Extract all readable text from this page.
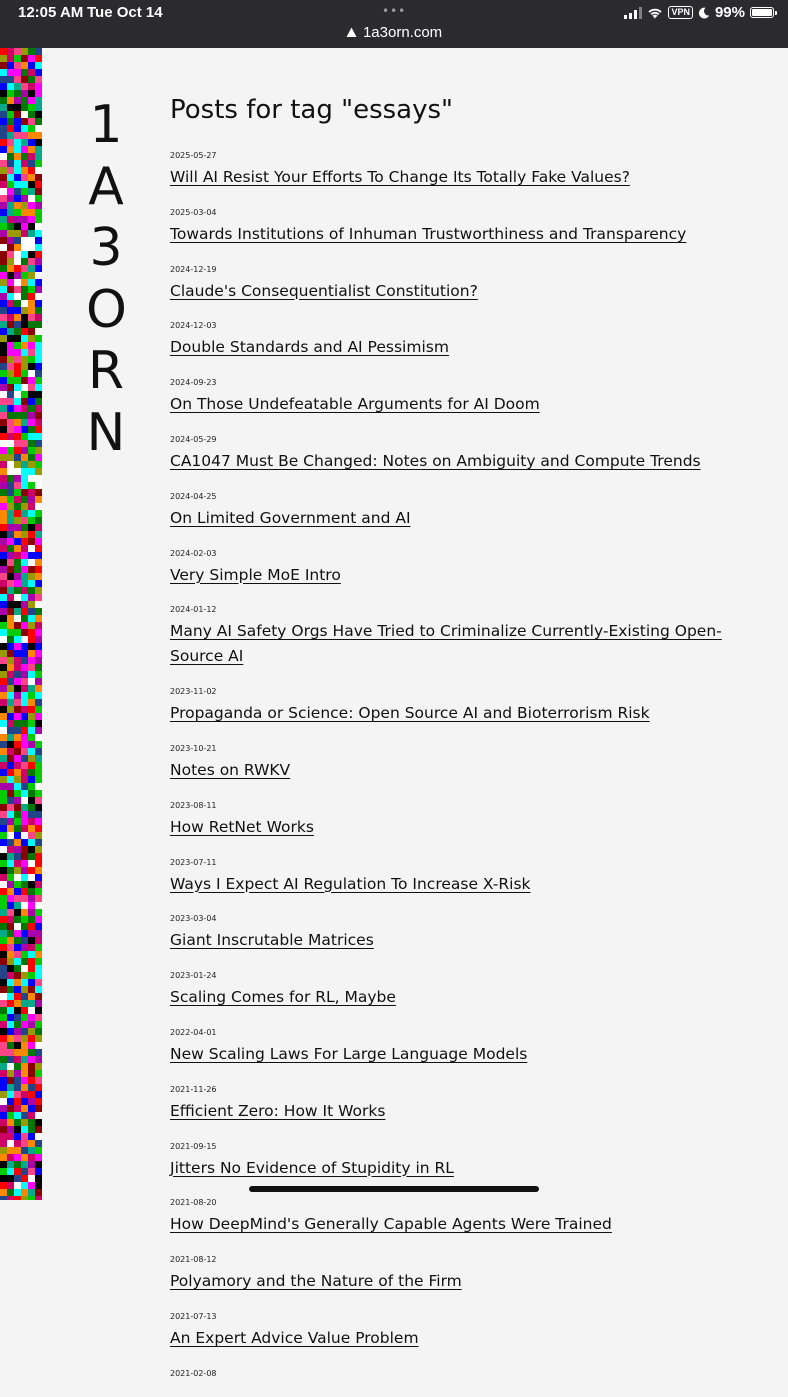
12:05 AM Tue Oct 14	•••
1a3orn.com
VPN 99%
1
A
3
O
R
N
Posts for tag "essays"
2025-05-27
Will AI Resist Your Efforts To Change Its Totally Fake Values?
2025-03-04
Towards Institutions of Inhuman Trustworthiness and Transparency
2024-12-19
Claude's Consequentialist Constitution?
2024-12-03
Double Standards and AI Pessimism
2024-09-23
On Those Undefeatable Arguments for AI Doom
2024-05-29
CA1047 Must Be Changed: Notes on Ambiguity and Compute Trends
2024-04-25
On Limited Government and AI
2024-02-03
Very Simple MoE Intro
2024-01-12
Many AI Safety Orgs Have Tried to Criminalize Currently-Existing Open-Source AI
2023-11-02
Propaganda or Science: Open Source AI and Bioterrorism Risk
2023-10-21
Notes on RWKV
2023-08-11
How RetNet Works
2023-07-11
Ways I Expect AI Regulation To Increase X-Risk
2023-03-04
Giant Inscrutable Matrices
2023-01-24
Scaling Comes for RL, Maybe
2022-04-01
New Scaling Laws For Large Language Models
2021-11-26
Efficient Zero: How It Works
2021-09-15
Jitters No Evidence of Stupidity in RL
2021-08-20
How DeepMind's Generally Capable Agents Were Trained
2021-08-12
Polyamory and the Nature of the Firm
2021-07-13
An Expert Advice Value Problem
2021-02-08
